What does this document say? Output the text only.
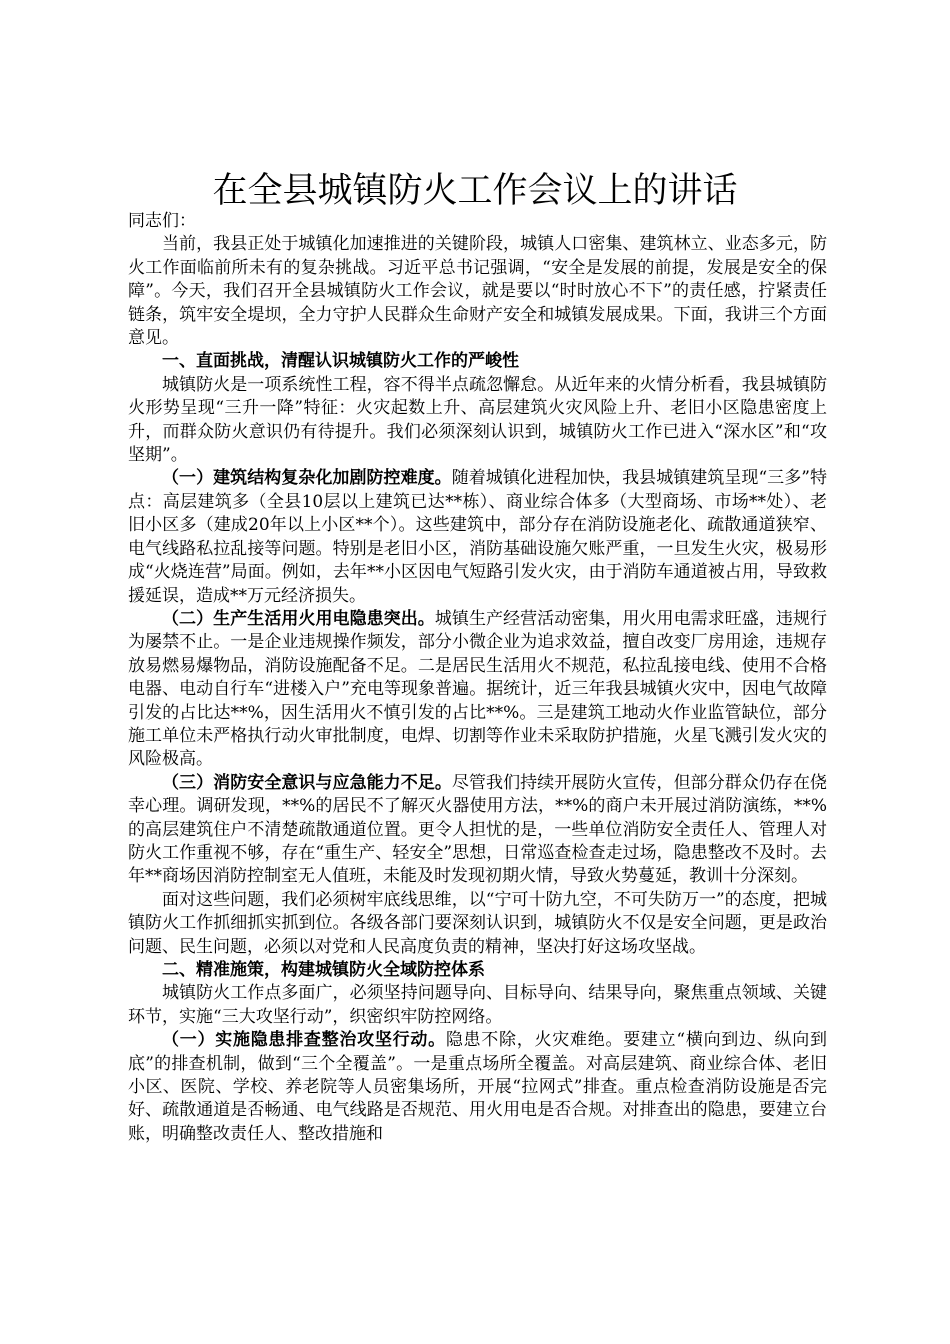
在全县城镇防火工作会议上的讲话

同志们：

当前，我县正处于城镇化加速推进的关键阶段，城镇人口密集、建筑林立、业态多元，防火工作面临前所未有的复杂挑战。习近平总书记强调，“安全是发展的前提，发展是安全的保障”。今天，我们召开全县城镇防火工作会议，就是要以“时时放心不下”的责任感，拧紧责任链条，筑牢安全堤坝，全力守护人民群众生命财产安全和城镇发展成果。下面，我讲三个方面意见。

一、直面挑战，清醒认识城镇防火工作的严峻性

城镇防火是一项系统性工程，容不得半点疏忽懈怠。从近年来的火情分析看，我县城镇防火形势呈现“三升一降”特征：火灾起数上升、高层建筑火灾风险上升、老旧小区隐患密度上升，而群众防火意识仍有待提升。我们必须深刻认识到，城镇防火工作已进入“深水区”和“攻坚期”。

（一）建筑结构复杂化加剧防控难度。随着城镇化进程加快，我县城镇建筑呈现“三多”特点：高层建筑多（全县10层以上建筑已达**栋）、商业综合体多（大型商场、市场**处）、老旧小区多（建成20年以上小区**个）。这些建筑中，部分存在消防设施老化、疏散通道狭窄、电气线路私拉乱接等问题。特别是老旧小区，消防基础设施欠账严重，一旦发生火灾，极易形成“火烧连营”局面。例如，去年**小区因电气短路引发火灾，由于消防车通道被占用，导致救援延误，造成**万元经济损失。

（二）生产生活用火用电隐患突出。城镇生产经营活动密集，用火用电需求旺盛，违规行为屡禁不止。一是企业违规操作频发，部分小微企业为追求效益，擅自改变厂房用途，违规存放易燃易爆物品，消防设施配备不足。二是居民生活用火不规范，私拉乱接电线、使用不合格电器、电动自行车“进楼入户”充电等现象普遍。据统计，近三年我县城镇火灾中，因电气故障引发的占比达**%，因生活用火不慎引发的占比**%。三是建筑工地动火作业监管缺位，部分施工单位未严格执行动火审批制度，电焊、切割等作业未采取防护措施，火星飞溅引发火灾的风险极高。

（三）消防安全意识与应急能力不足。尽管我们持续开展防火宣传，但部分群众仍存在侥幸心理。调研发现，**%的居民不了解灭火器使用方法，**%的商户未开展过消防演练，**%的高层建筑住户不清楚疏散通道位置。更令人担忧的是，一些单位消防安全责任人、管理人对防火工作重视不够，存在“重生产、轻安全”思想，日常巡查检查走过场，隐患整改不及时。去年**商场因消防控制室无人值班，未能及时发现初期火情，导致火势蔓延，教训十分深刻。

面对这些问题，我们必须树牢底线思维，以“宁可十防九空，不可失防万一”的态度，把城镇防火工作抓细抓实抓到位。各级各部门要深刻认识到，城镇防火不仅是安全问题，更是政治问题、民生问题，必须以对党和人民高度负责的精神，坚决打好这场攻坚战。

二、精准施策，构建城镇防火全域防控体系

城镇防火工作点多面广，必须坚持问题导向、目标导向、结果导向，聚焦重点领域、关键环节，实施“三大攻坚行动”，织密织牢防控网络。

（一）实施隐患排查整治攻坚行动。隐患不除，火灾难绝。要建立“横向到边、纵向到底”的排查机制，做到“三个全覆盖”。一是重点场所全覆盖。对高层建筑、商业综合体、老旧小区、医院、学校、养老院等人员密集场所，开展“拉网式”排查。重点检查消防设施是否完好、疏散通道是否畅通、电气线路是否规范、用火用电是否合规。对排查出的隐患，要建立台账，明确整改责任人、整改措施和
